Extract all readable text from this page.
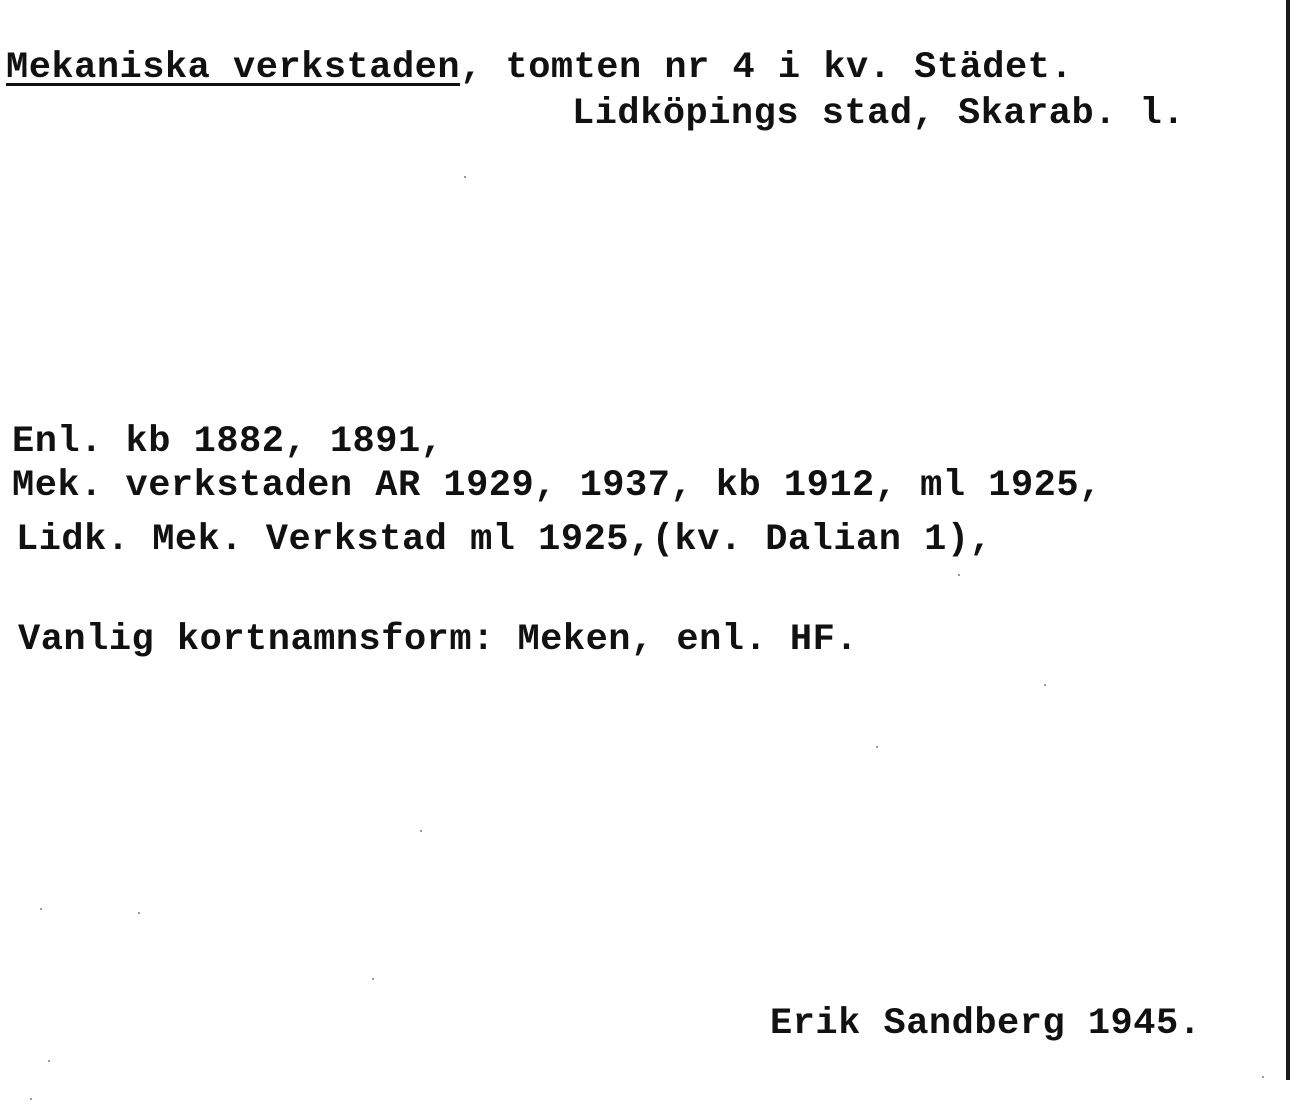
Mekaniska verkstaden, tomten nr 4 i kv. Städet.
Lidköpings stad, Skarab. l.
Enl. kb 1882, 1891,
Mek. verkstaden AR 1929, 1937, kb 1912, ml 1925,
Lidk. Mek. Verkstad ml 1925,(kv. Dalian 1),
Vanlig kortnamnsform: Meken, enl. HF.
Erik Sandberg 1945.
